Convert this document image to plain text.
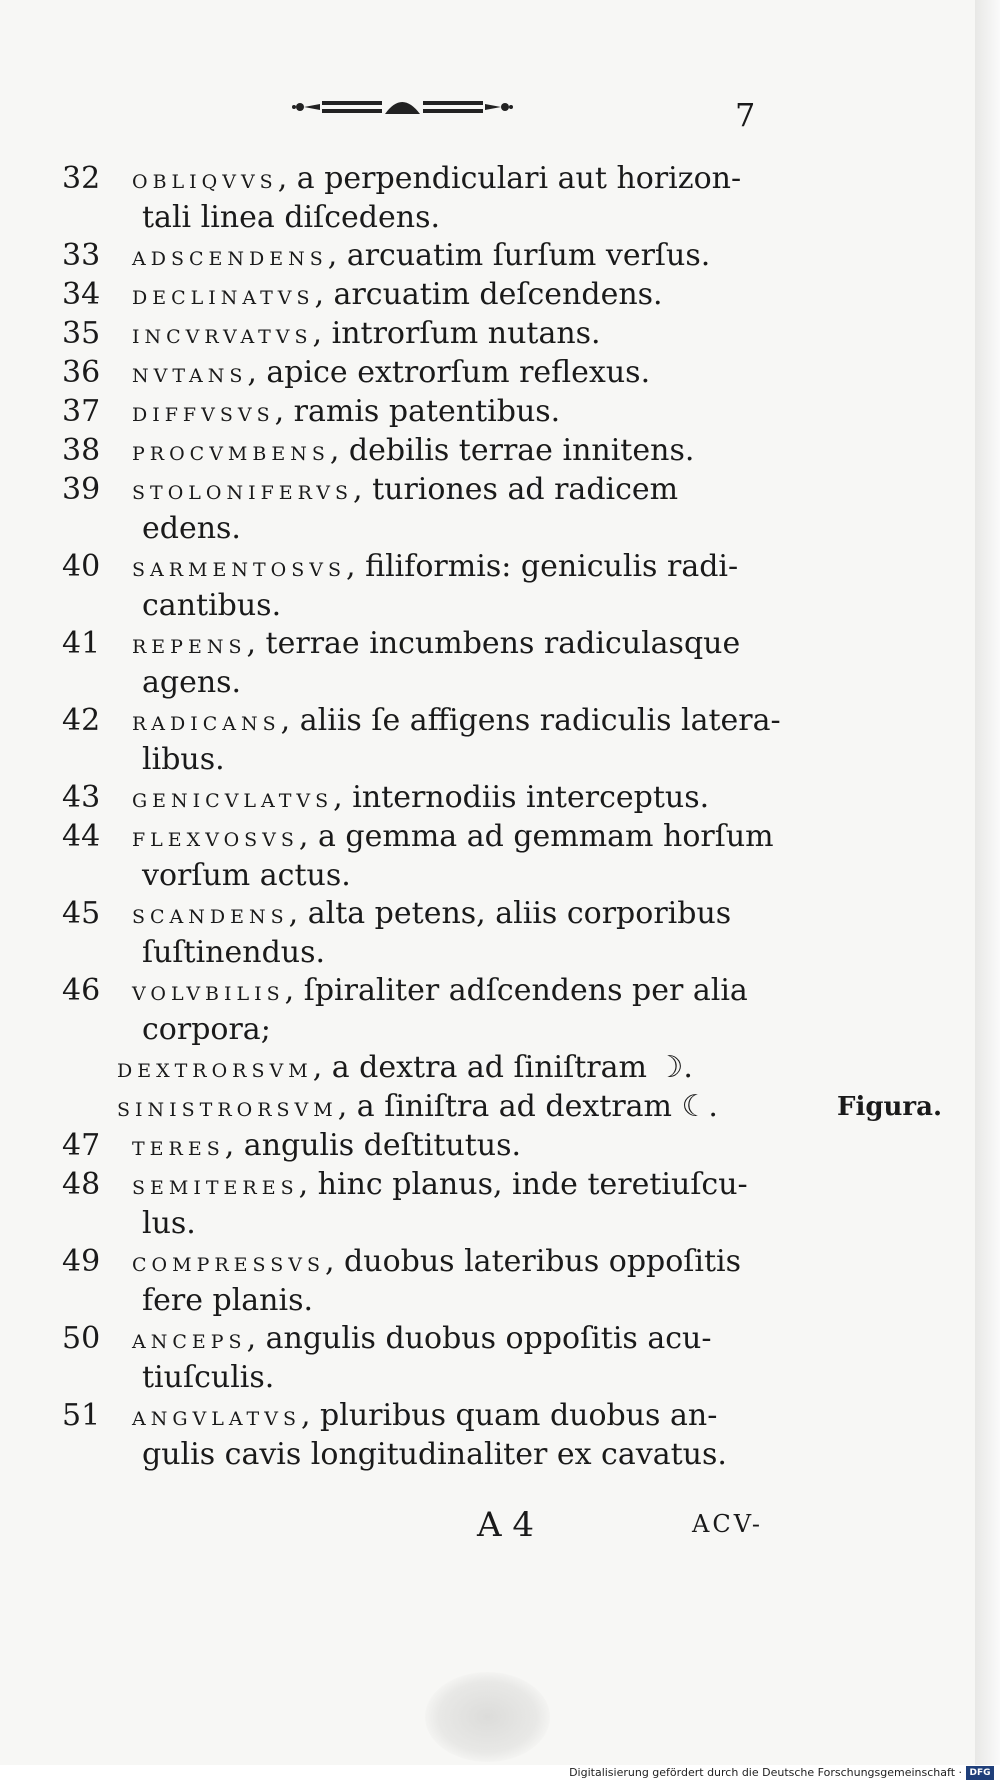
7
32	obliqvvs, a perpendiculari aut horizon-
tali linea diſcedens.
33	adscendens, arcuatim ſurſum verſus.
34	declinatvs, arcuatim deſcendens.
35	incvrvatvs, introrſum nutans.
36	nvtans, apice extrorſum reflexus.
37	diffvsvs, ramis patentibus.
38	procvmbens, debilis terrae innitens.
39	stolonifervs, turiones ad radicem
edens.
40	sarmentosvs, filiformis: geniculis radi-
cantibus.
41	repens, terrae incumbens radiculasque
agens.
42	radicans, aliis ſe affigens radiculis latera-
libus.
43	genicvlatvs, internodiis interceptus.
44	flexvosvs, a gemma ad gemmam horſum
vorſum actus.
45	scandens, alta petens, aliis corporibus
ſuſtinendus.
46	volvbilis, ſpiraliter adſcendens per alia
corpora;
dextrorsvm, a dextra ad ſiniſtram ☽.
sinistrorsvm, a ſiniſtra ad dextram ☾.	Figura.
47	teres, angulis deſtitutus.
48	semiteres, hinc planus, inde teretiuſcu-
lus.
49	compressvs, duobus lateribus oppoſitis
fere planis.
50	anceps, angulis duobus oppoſitis acu-
tiuſculis.
51	angvlatvs, pluribus quam duobus an-
gulis cavis longitudinaliter ex cavatus.
A 4	ACV-
Digitalisierung gefördert durch die Deutsche Forschungsgemeinschaft · DFG
